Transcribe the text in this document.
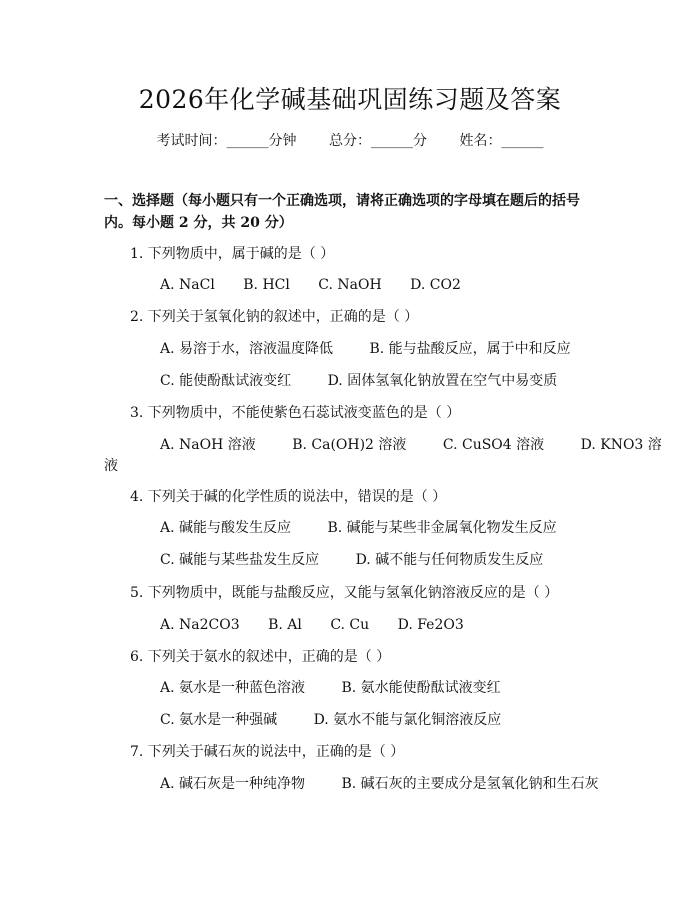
2026年化学碱基础巩固练习题及答案
考试时间：______分钟 总分：______分 姓名：______
一、选择题（每小题只有一个正确选项，请将正确选项的字母填在题后的括号
内。每小题 2 分，共 20 分）
1. 下列物质中，属于碱的是（ ）
A. NaCl B. HCl C. NaOH D. CO2
2. 下列关于氢氧化钠的叙述中，正确的是（ ）
A. 易溶于水，溶液温度降低	B. 能与盐酸反应，属于中和反应
C. 能使酚酞试液变红	D. 固体氢氧化钠放置在空气中易变质
3. 下列物质中，不能使紫色石蕊试液变蓝色的是（ ）
A. NaOH 溶液	B. Ca(OH)2 溶液	C. CuSO4 溶液	D. KNO3 溶
液
4. 下列关于碱的化学性质的说法中，错误的是（ ）
A. 碱能与酸发生反应	B. 碱能与某些非金属氧化物发生反应
C. 碱能与某些盐发生反应	D. 碱不能与任何物质发生反应
5. 下列物质中，既能与盐酸反应，又能与氢氧化钠溶液反应的是（ ）
A. Na2CO3 B. Al C. Cu D. Fe2O3
6. 下列关于氨水的叙述中，正确的是（ ）
A. 氨水是一种蓝色溶液	B. 氨水能使酚酞试液变红
C. 氨水是一种强碱	D. 氨水不能与氯化铜溶液反应
7. 下列关于碱石灰的说法中，正确的是（ ）
A. 碱石灰是一种纯净物	B. 碱石灰的主要成分是氢氧化钠和生石灰
